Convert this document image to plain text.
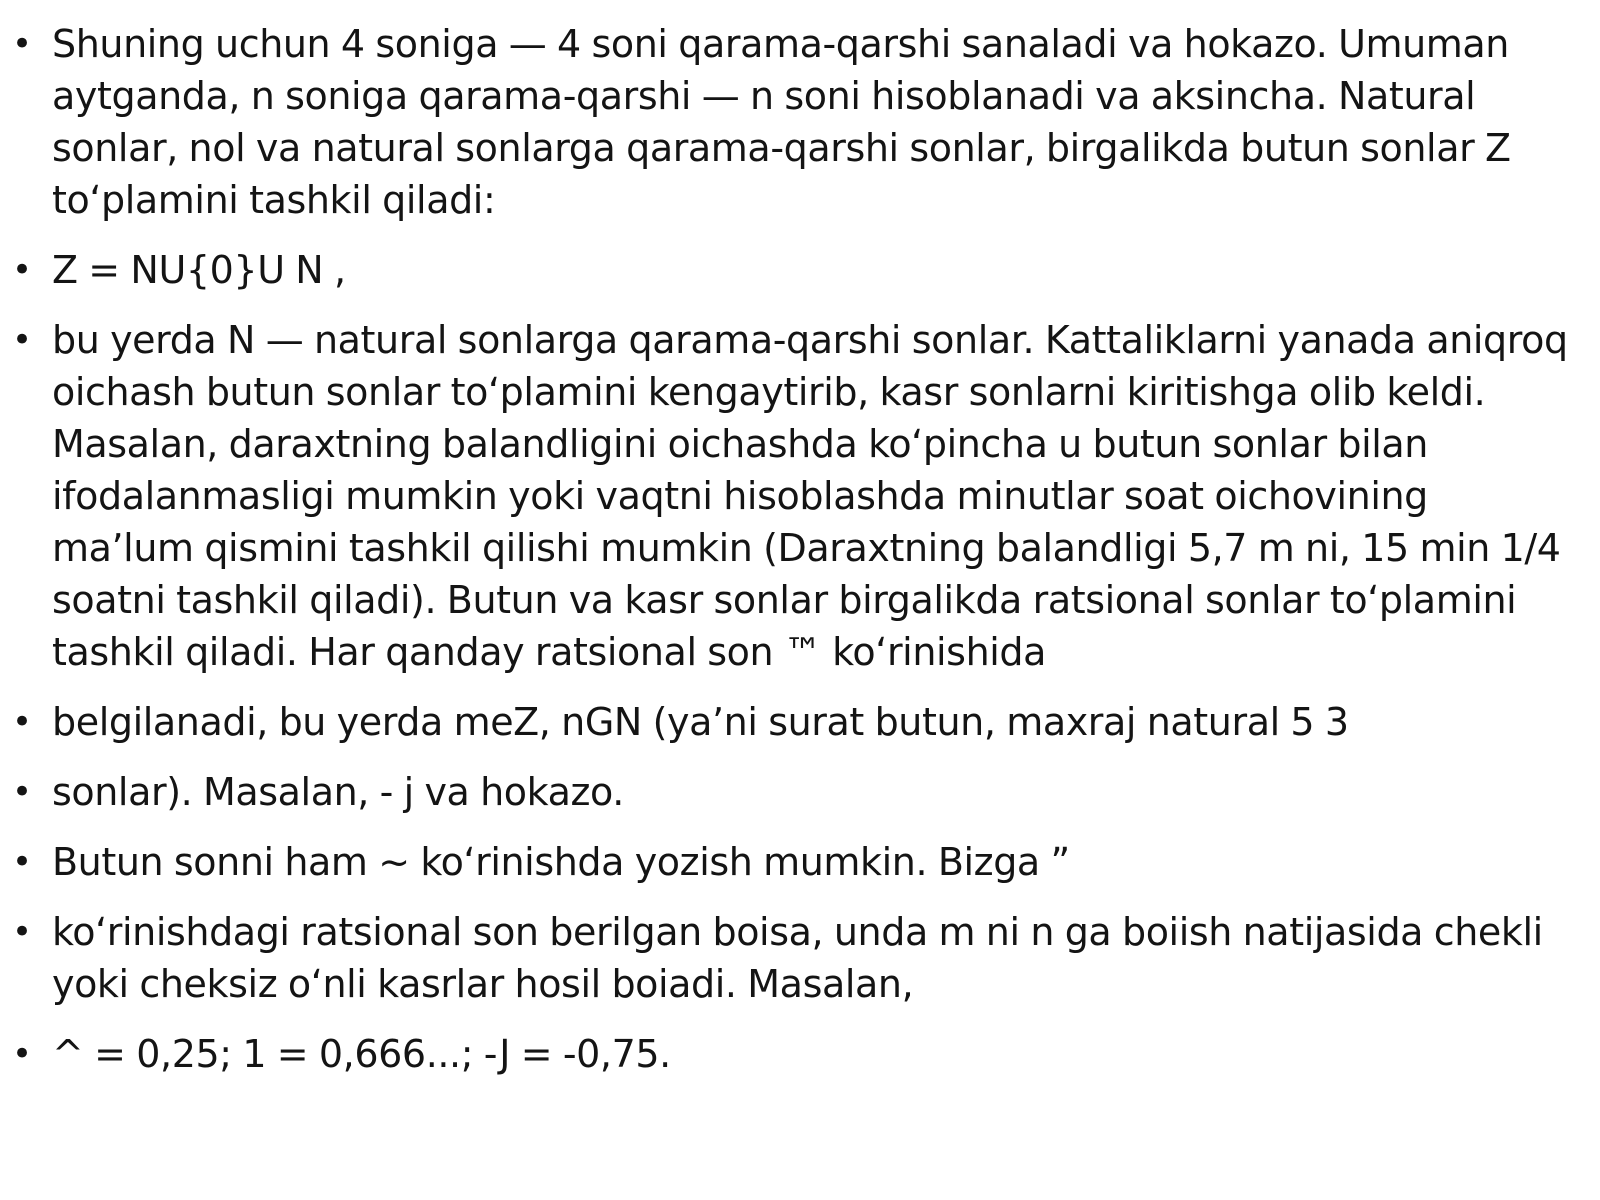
• Shuning uchun 4 soniga — 4 soni qarama-qarshi sanaladi va hokazo. Umuman aytganda, n soniga qarama-qarshi — n soni hisoblanadi va aksincha. Natural sonlar, nol va natural sonlarga qarama-qarshi sonlar, birgalikda butun sonlar Z to‘plamini tashkil qiladi:
• Z = NU{0}U N ,
• bu yerda N — natural sonlarga qarama-qarshi sonlar. Kattaliklarni yanada aniqroq oichash butun sonlar to‘plamini kengaytirib, kasr sonlarni kiritishga olib keldi. Masalan, daraxtning balandligini oichashda ko‘pincha u butun sonlar bilan ifodalanmasligi mumkin yoki vaqtni hisoblashda minutlar soat oichovining ma’lum qismini tashkil qilishi mumkin (Daraxtning balandligi 5,7 m ni, 15 min 1/4 soatni tashkil qiladi). Butun va kasr sonlar birgalikda ratsional sonlar to‘plamini tashkil qiladi. Har qanday ratsional son ™ ko‘rinishida
• belgilanadi, bu yerda meZ, nGN (ya’ni surat butun, maxraj natural 5 3
• sonlar). Masalan, - j va hokazo.
• Butun sonni ham ~ ko‘rinishda yozish mumkin. Bizga ”
• ko‘rinishdagi ratsional son berilgan boisa, unda m ni n ga boiish natijasida chekli yoki cheksiz o‘nli kasrlar hosil boiadi. Masalan,
• ^ = 0,25; 1 = 0,666...; -J = -0,75.
